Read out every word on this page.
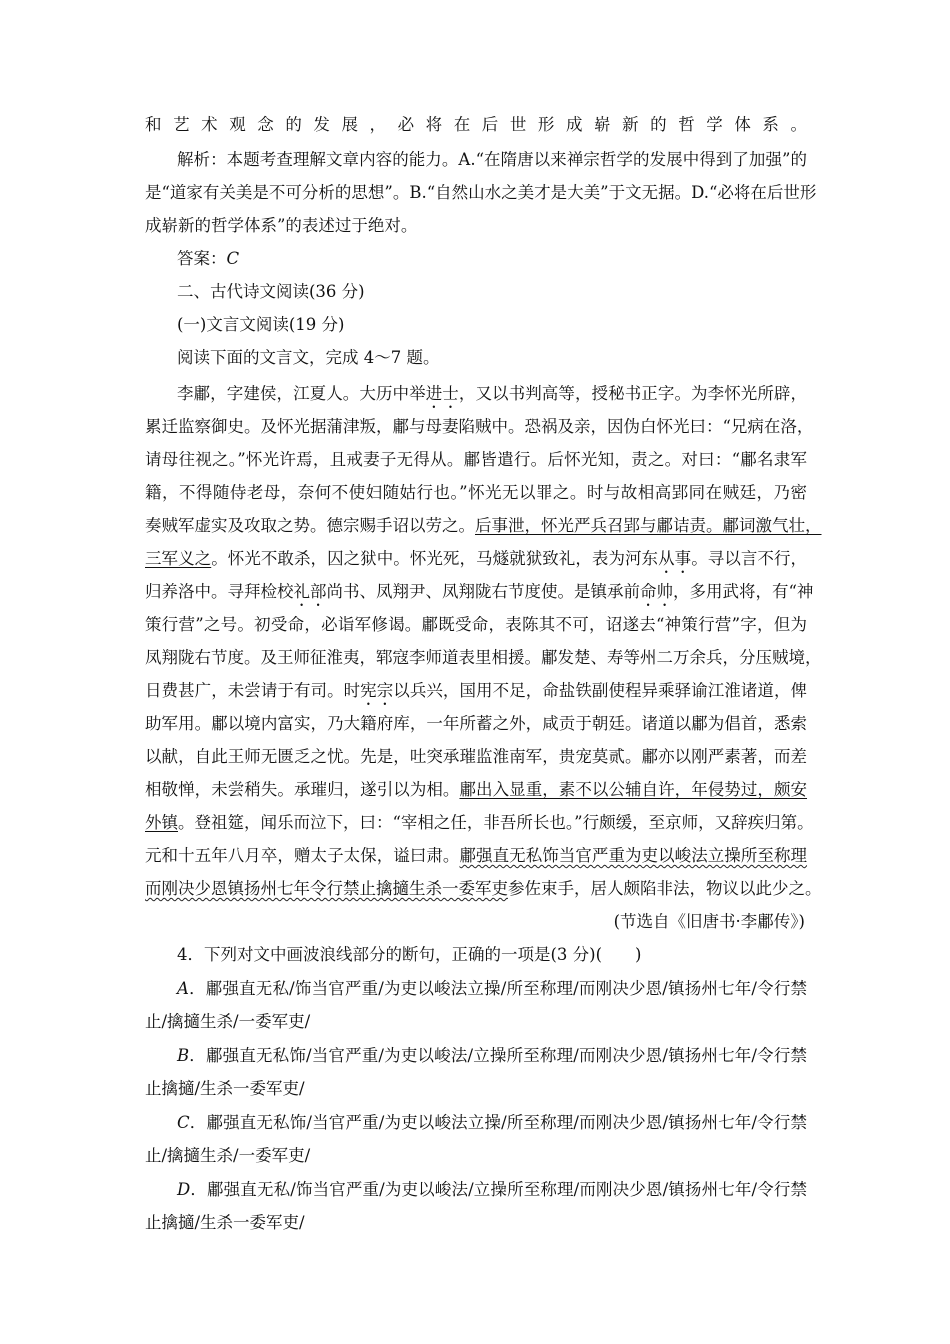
和艺术观念的发展，必将在后世形成崭新的哲学体系。
解析：本题考查理解文章内容的能力。A.“在隋唐以来禅宗哲学的发展中得到了加强”的
是“道家有关美是不可分析的思想”。B.“自然山水之美才是大美”于文无据。D.“必将在后世形
成崭新的哲学体系”的表述过于绝对。
答案：C
二、古代诗文阅读(36 分)
(一)文言文阅读(19 分)
阅读下面的文言文，完成 4～7 题。
李鄘，字建侯，江夏人。大历中举进士，又以书判高等，授秘书正字。为李怀光所辟，
累迁监察御史。及怀光据蒲津叛，鄘与母妻陷贼中。恐祸及亲，因伪白怀光曰：“兄病在洛，
请母往视之。”怀光许焉，且戒妻子无得从。鄘皆遣行。后怀光知，责之。对曰：“鄘名隶军
籍，不得随侍老母，奈何不使妇随姑行也。”怀光无以罪之。时与故相高郢同在贼廷，乃密
奏贼军虚实及攻取之势。德宗赐手诏以劳之。后事泄，怀光严兵召郢与鄘诘责。鄘词激气壮，
三军义之。怀光不敢杀，囚之狱中。怀光死，马燧就狱致礼，表为河东从事。寻以言不行，
归养洛中。寻拜检校礼部尚书、凤翔尹、凤翔陇右节度使。是镇承前命帅，多用武将，有“神
策行营”之号。初受命，必诣军修谒。鄘既受命，表陈其不可，诏遂去“神策行营”字，但为
凤翔陇右节度。及王师征淮夷，郓寇李师道表里相援。鄘发楚、寿等州二万余兵，分压贼境，
日费甚广，未尝请于有司。时宪宗以兵兴，国用不足，命盐铁副使程异乘驿谕江淮诸道，俾
助军用。鄘以境内富实，乃大籍府库，一年所蓄之外，咸贡于朝廷。诸道以鄘为倡首，悉索
以献，自此王师无匮乏之忧。先是，吐突承璀监淮南军，贵宠莫贰。鄘亦以刚严素著，而差
相敬惮，未尝稍失。承璀归，遂引以为相。鄘出入显重，素不以公辅自许，年侵势过，颇安
外镇。登祖筵，闻乐而泣下，曰：“宰相之任，非吾所长也。”行颇缓，至京师，又辞疾归第。
元和十五年八月卒，赠太子太保，谥曰肃。鄘强直无私饰当官严重为吏以峻法立操所至称理
而刚决少恩镇扬州七年令行禁止擒擿生杀一委军吏参佐束手，居人颇陷非法，物议以此少之。
(节选自《旧唐书·李鄘传》)
4．下列对文中画波浪线部分的断句，正确的一项是(3 分)(　　)
A．鄘强直无私/饰当官严重/为吏以峻法立操/所至称理/而刚决少恩/镇扬州七年/令行禁
止/擒擿生杀/一委军吏/
B．鄘强直无私饰/当官严重/为吏以峻法/立操所至称理/而刚决少恩/镇扬州七年/令行禁
止擒擿/生杀一委军吏/
C．鄘强直无私饰/当官严重/为吏以峻法立操/所至称理/而刚决少恩/镇扬州七年/令行禁
止/擒擿生杀/一委军吏/
D．鄘强直无私/饰当官严重/为吏以峻法/立操所至称理/而刚决少恩/镇扬州七年/令行禁
止擒擿/生杀一委军吏/
